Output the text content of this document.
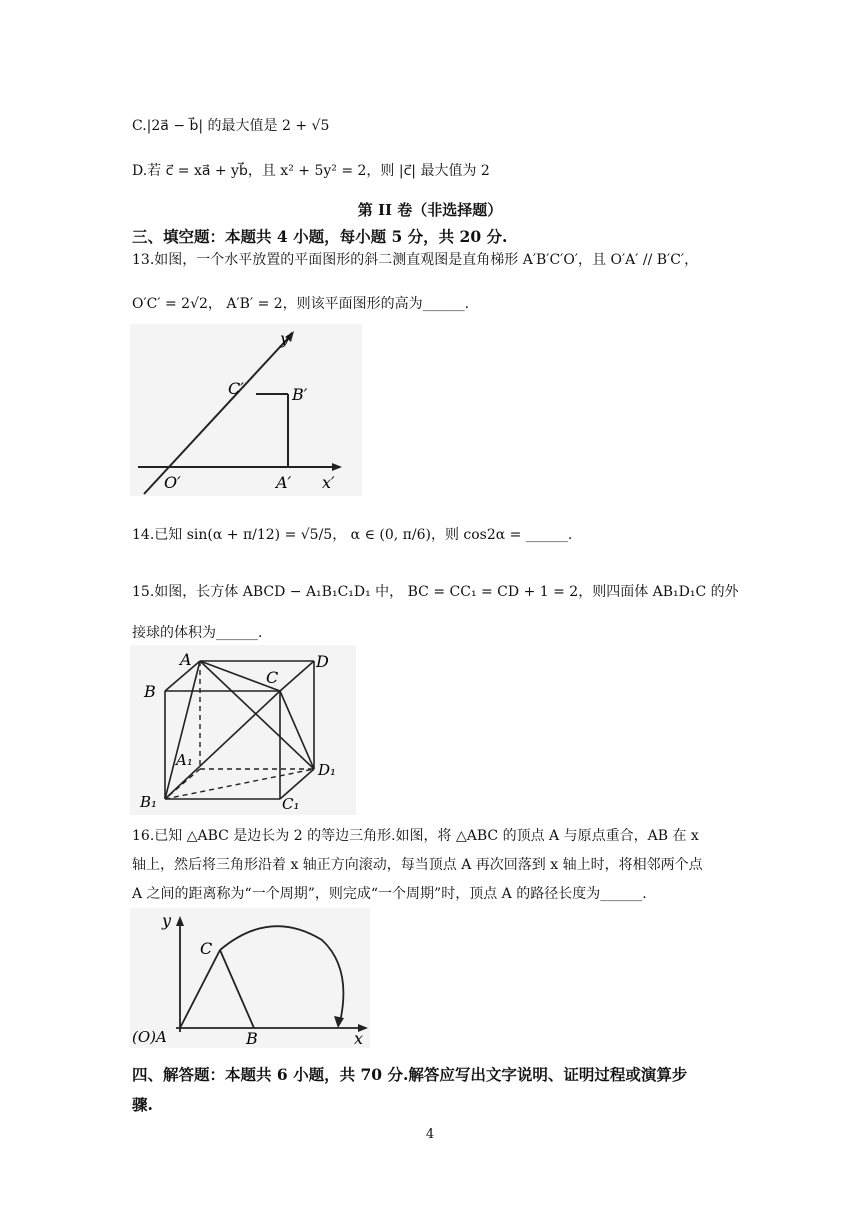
C.|2a⃗ − b⃗| 的最大值是 2 + √5
D.若 c⃗ = xa⃗ + yb⃗，且 x² + 5y² = 2，则 |c⃗| 最大值为 2
第 II 卷（非选择题）
三、填空题：本题共 4 小题，每小题 5 分，共 20 分.
13.如图，一个水平放置的平面图形的斜二测直观图是直角梯形 A′B′C′O′，且 O′A′ // B′C′，
O′C′ = 2√2， A′B′ = 2，则该平面图形的高为______.
y′
x′
C′	B′
O′	A′
14.已知 sin(α + π/12) = √5/5， α ∈ (0, π/6)，则 cos2α = ______.
15.如图，长方体 ABCD − A₁B₁C₁D₁ 中， BC = CC₁ = CD + 1 = 2，则四面体 AB₁D₁C 的外
接球的体积为______.
A
B
C
D
A₁
B₁	C₁
D₁
16.已知 △ABC 是边长为 2 的等边三角形.如图，将 △ABC 的顶点 A 与原点重合，AB 在 x
轴上，然后将三角形沿着 x 轴正方向滚动，每当顶点 A 再次回落到 x 轴上时，将相邻两个点
A 之间的距离称为“一个周期”，则完成“一个周期”时，顶点 A 的路径长度为______.
y
C
(O)A	B	x
四、解答题：本题共 6 小题，共 70 分.解答应写出文字说明、证明过程或演算步
骤.
4
